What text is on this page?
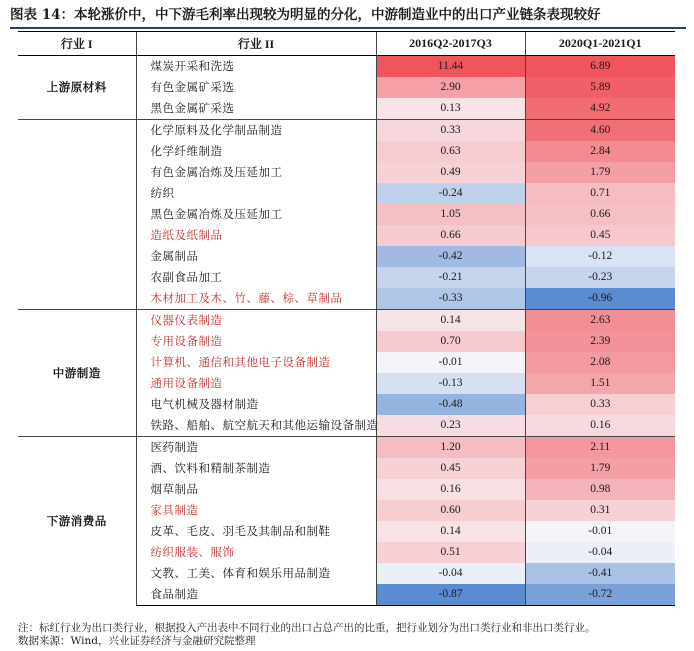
图表 14：本轮涨价中，中下游毛利率出现较为明显的分化，中游制造业中的出口产业链条表现较好
行业 I	行业 II	2016Q2-2017Q3	2020Q1-2021Q1
上游原材料	煤炭开采和洗选	11.44	6.89
	有色金属矿采选	2.90	5.89
	黑色金属矿采选	0.13	4.92
	化学原料及化学制品制造	0.33	4.60
	化学纤维制造	0.63	2.84
	有色金属冶炼及压延加工	0.49	1.79
	纺织	-0.24	0.71
	黑色金属冶炼及压延加工	1.05	0.66
	造纸及纸制品	0.66	0.45
	金属制品	-0.42	-0.12
	农副食品加工	-0.21	-0.23
	木材加工及木、竹、藤、棕、草制品	-0.33	-0.96
中游制造	仪器仪表制造	0.14	2.63
	专用设备制造	0.70	2.39
	计算机、通信和其他电子设备制造	-0.01	2.08
	通用设备制造	-0.13	1.51
	电气机械及器材制造	-0.48	0.33
	铁路、船舶、航空航天和其他运输设备制造	0.23	0.16
下游消费品	医药制造	1.20	2.11
	酒、饮料和精制茶制造	0.45	1.79
	烟草制品	0.16	0.98
	家具制造	0.60	0.31
	皮革、毛皮、羽毛及其制品和制鞋	0.14	-0.01
	纺织服装、服饰	0.51	-0.04
	文教、工美、体育和娱乐用品制造	-0.04	-0.41
	食品制造	-0.87	-0.72
注：标红行业为出口类行业，根据投入产出表中不同行业的出口占总产出的比重，把行业划分为出口类行业和非出口类行业。
数据来源：Wind，兴业证券经济与金融研究院整理
